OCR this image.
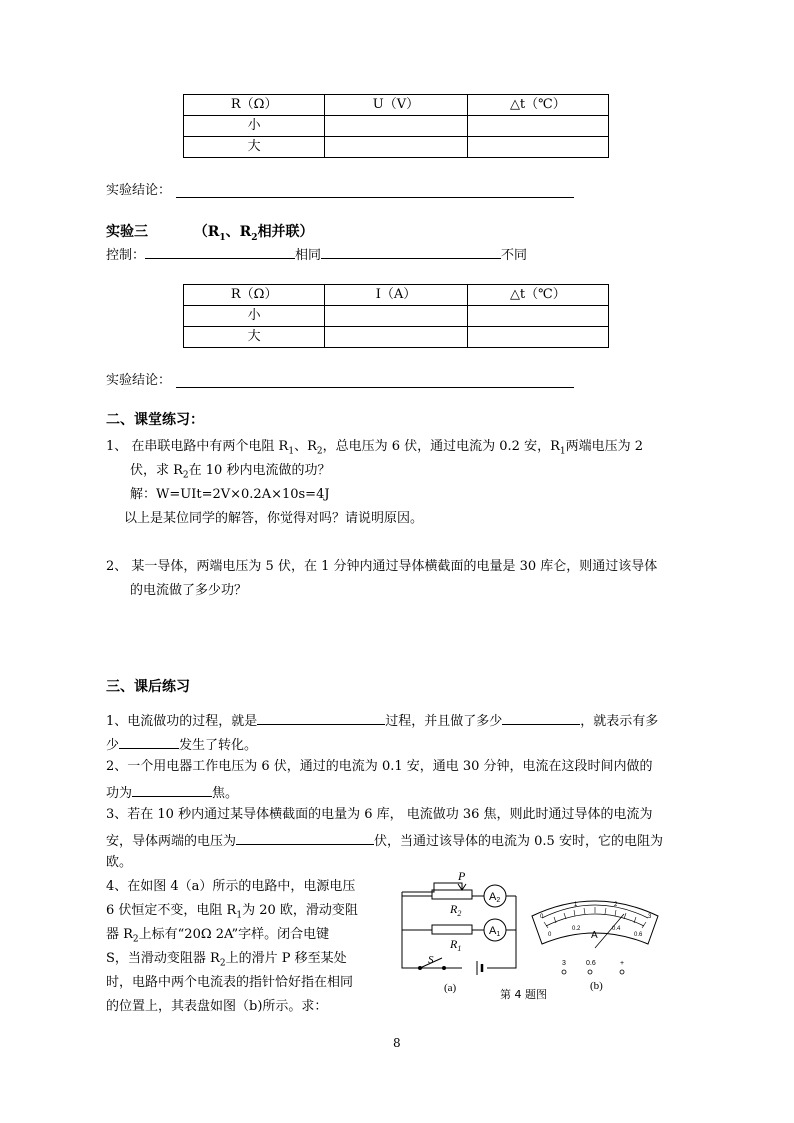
R（Ω）	U（V）	△t（℃）
小		
大		
实验结论：
实验三	（$R_1$、$R_2$相并联）
控制：	相同	不同
R（Ω）	I（A）	△t（℃）
小		
大		
实验结论：
二、课堂练习：
1、 在串联电路中有两个电阻 $R_1$、$R_2$，总电压为 6 伏，通过电流为 0.2 安，$R_1$两端电压为 2
伏，求 $R_2$在 10 秒内电流做的功？
解：W=UIt=2V×0.2A×10s=4J
以上是某位同学的解答，你觉得对吗？请说明原因。
2、 某一导体，两端电压为 5 伏，在 1 分钟内通过导体横截面的电量是 30 库仑，则通过该导体
的电流做了多少功？
三、课后练习
1、电流做功的过程，就是	过程，并且做了多少	，就表示有多
少	发生了转化。
2、一个用电器工作电压为 6 伏，通过的电流为 0.1 安，通电 30 分钟，电流在这段时间内做的
功为	焦。
3、若在 10 秒内通过某导体横截面的电量为 6 库， 电流做功 36 焦，则此时通过导体的电流为
安，导体两端的电压为	伏，当通过该导体的电流为 0.5 安时，它的电阻为
欧。
4、在如图 4（a）所示的电路中，电源电压
6 伏恒定不变，电阻 $R_1$为 20 欧，滑动变阻
器 $R_2$上标有“20Ω 2A”字样。闭合电键
S，当滑动变阻器 $R_2$上的滑片 P 移至某处
时，电路中两个电流表的指针恰好指在相同
的位置上，其表盘如图（b)所示。求：
P
$R_2$
$R_1$
A2
A1
S
(a)	第 4 题图
0
1	2
3
0
0.2	0.4
0.6
A
3	0.6	+
(b)
8
